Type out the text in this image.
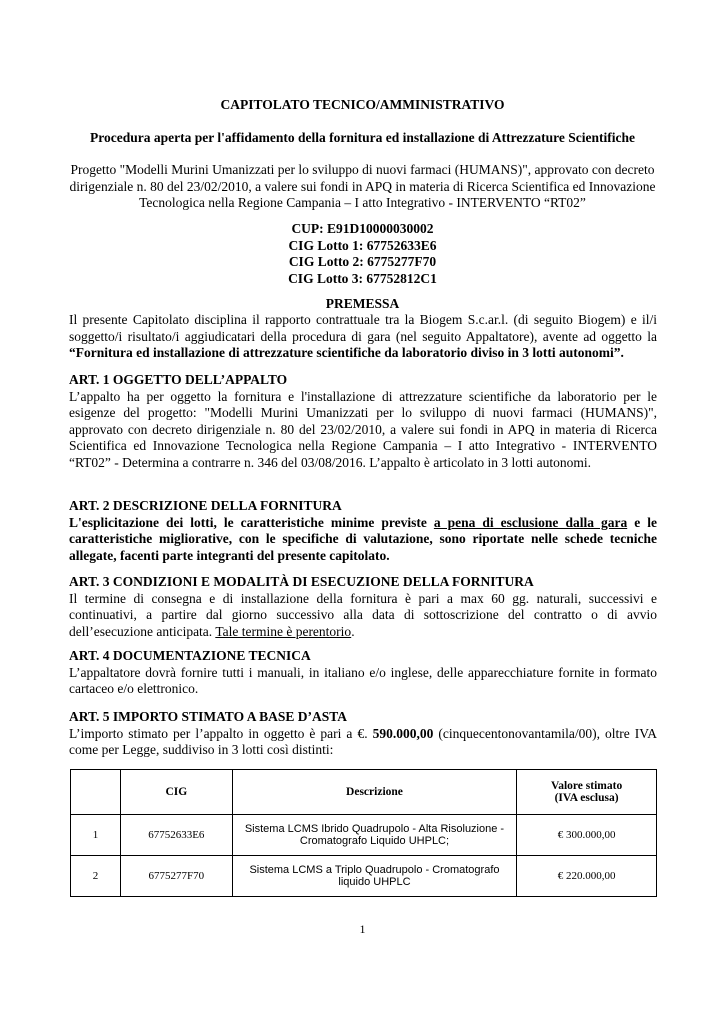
CAPITOLATO TECNICO/AMMINISTRATIVO
Procedura aperta per l'affidamento della fornitura ed installazione di Attrezzature Scientifiche
Progetto "Modelli Murini Umanizzati per lo sviluppo di nuovi farmaci (HUMANS)", approvato con decreto dirigenziale n. 80 del 23/02/2010, a valere sui fondi in APQ in materia di Ricerca Scientifica ed Innovazione Tecnologica nella Regione Campania – I atto Integrativo - INTERVENTO “RT02”
CUP: E91D10000030002
CIG Lotto 1: 67752633E6
CIG Lotto 2: 6775277F70
CIG Lotto 3: 67752812C1
PREMESSA

Il presente Capitolato disciplina il rapporto contrattuale tra la Biogem S.c.ar.l. (di seguito Biogem) e il/i soggetto/i risultato/i aggiudicatari della procedura di gara (nel seguito Appaltatore), avente ad oggetto la “Fornitura ed installazione di attrezzature scientifiche da laboratorio diviso in 3 lotti autonomi”.

ART. 1 OGGETTO DELL’APPALTO

L’appalto ha per oggetto la fornitura e l'installazione di attrezzature scientifiche da laboratorio per le esigenze del progetto: "Modelli Murini Umanizzati per lo sviluppo di nuovi farmaci (HUMANS)", approvato con decreto dirigenziale n. 80 del 23/02/2010, a valere sui fondi in APQ in materia di Ricerca Scientifica ed Innovazione Tecnologica nella Regione Campania – I atto Integrativo - INTERVENTO “RT02” - Determina a contrarre n. 346 del 03/08/2016. L’appalto è articolato in 3 lotti autonomi.

ART. 2 DESCRIZIONE DELLA FORNITURA

L'esplicitazione dei lotti, le caratteristiche minime previste a pena di esclusione dalla gara e le caratteristiche migliorative, con le specifiche di valutazione, sono riportate nelle schede tecniche allegate, facenti parte integranti del presente capitolato.

ART. 3 CONDIZIONI E MODALITÀ DI ESECUZIONE DELLA FORNITURA

Il termine di consegna e di installazione della fornitura è pari a max 60 gg. naturali, successivi e continuativi, a partire dal giorno successivo alla data di sottoscrizione del contratto o di avvio dell’esecuzione anticipata. Tale termine è perentorio.

ART. 4 DOCUMENTAZIONE TECNICA

L’appaltatore dovrà fornire tutti i manuali, in italiano e/o inglese, delle apparecchiature fornite in formato cartaceo e/o elettronico.

ART. 5 IMPORTO STIMATO A BASE D’ASTA

L’importo stimato per l’appalto in oggetto è pari a €. 590.000,00 (cinquecentonovantamila/00), oltre IVA come per Legge, suddiviso in 3 lotti così distinti:

	CIG	Descrizione	Valore stimato
(IVA esclusa)
1	67752633E6	Sistema LCMS Ibrido Quadrupolo - Alta Risoluzione - Cromatografo Liquido UHPLC;	€ 300.000,00
2	6775277F70	Sistema LCMS a Triplo Quadrupolo - Cromatografo liquido UHPLC	€ 220.000,00
1
